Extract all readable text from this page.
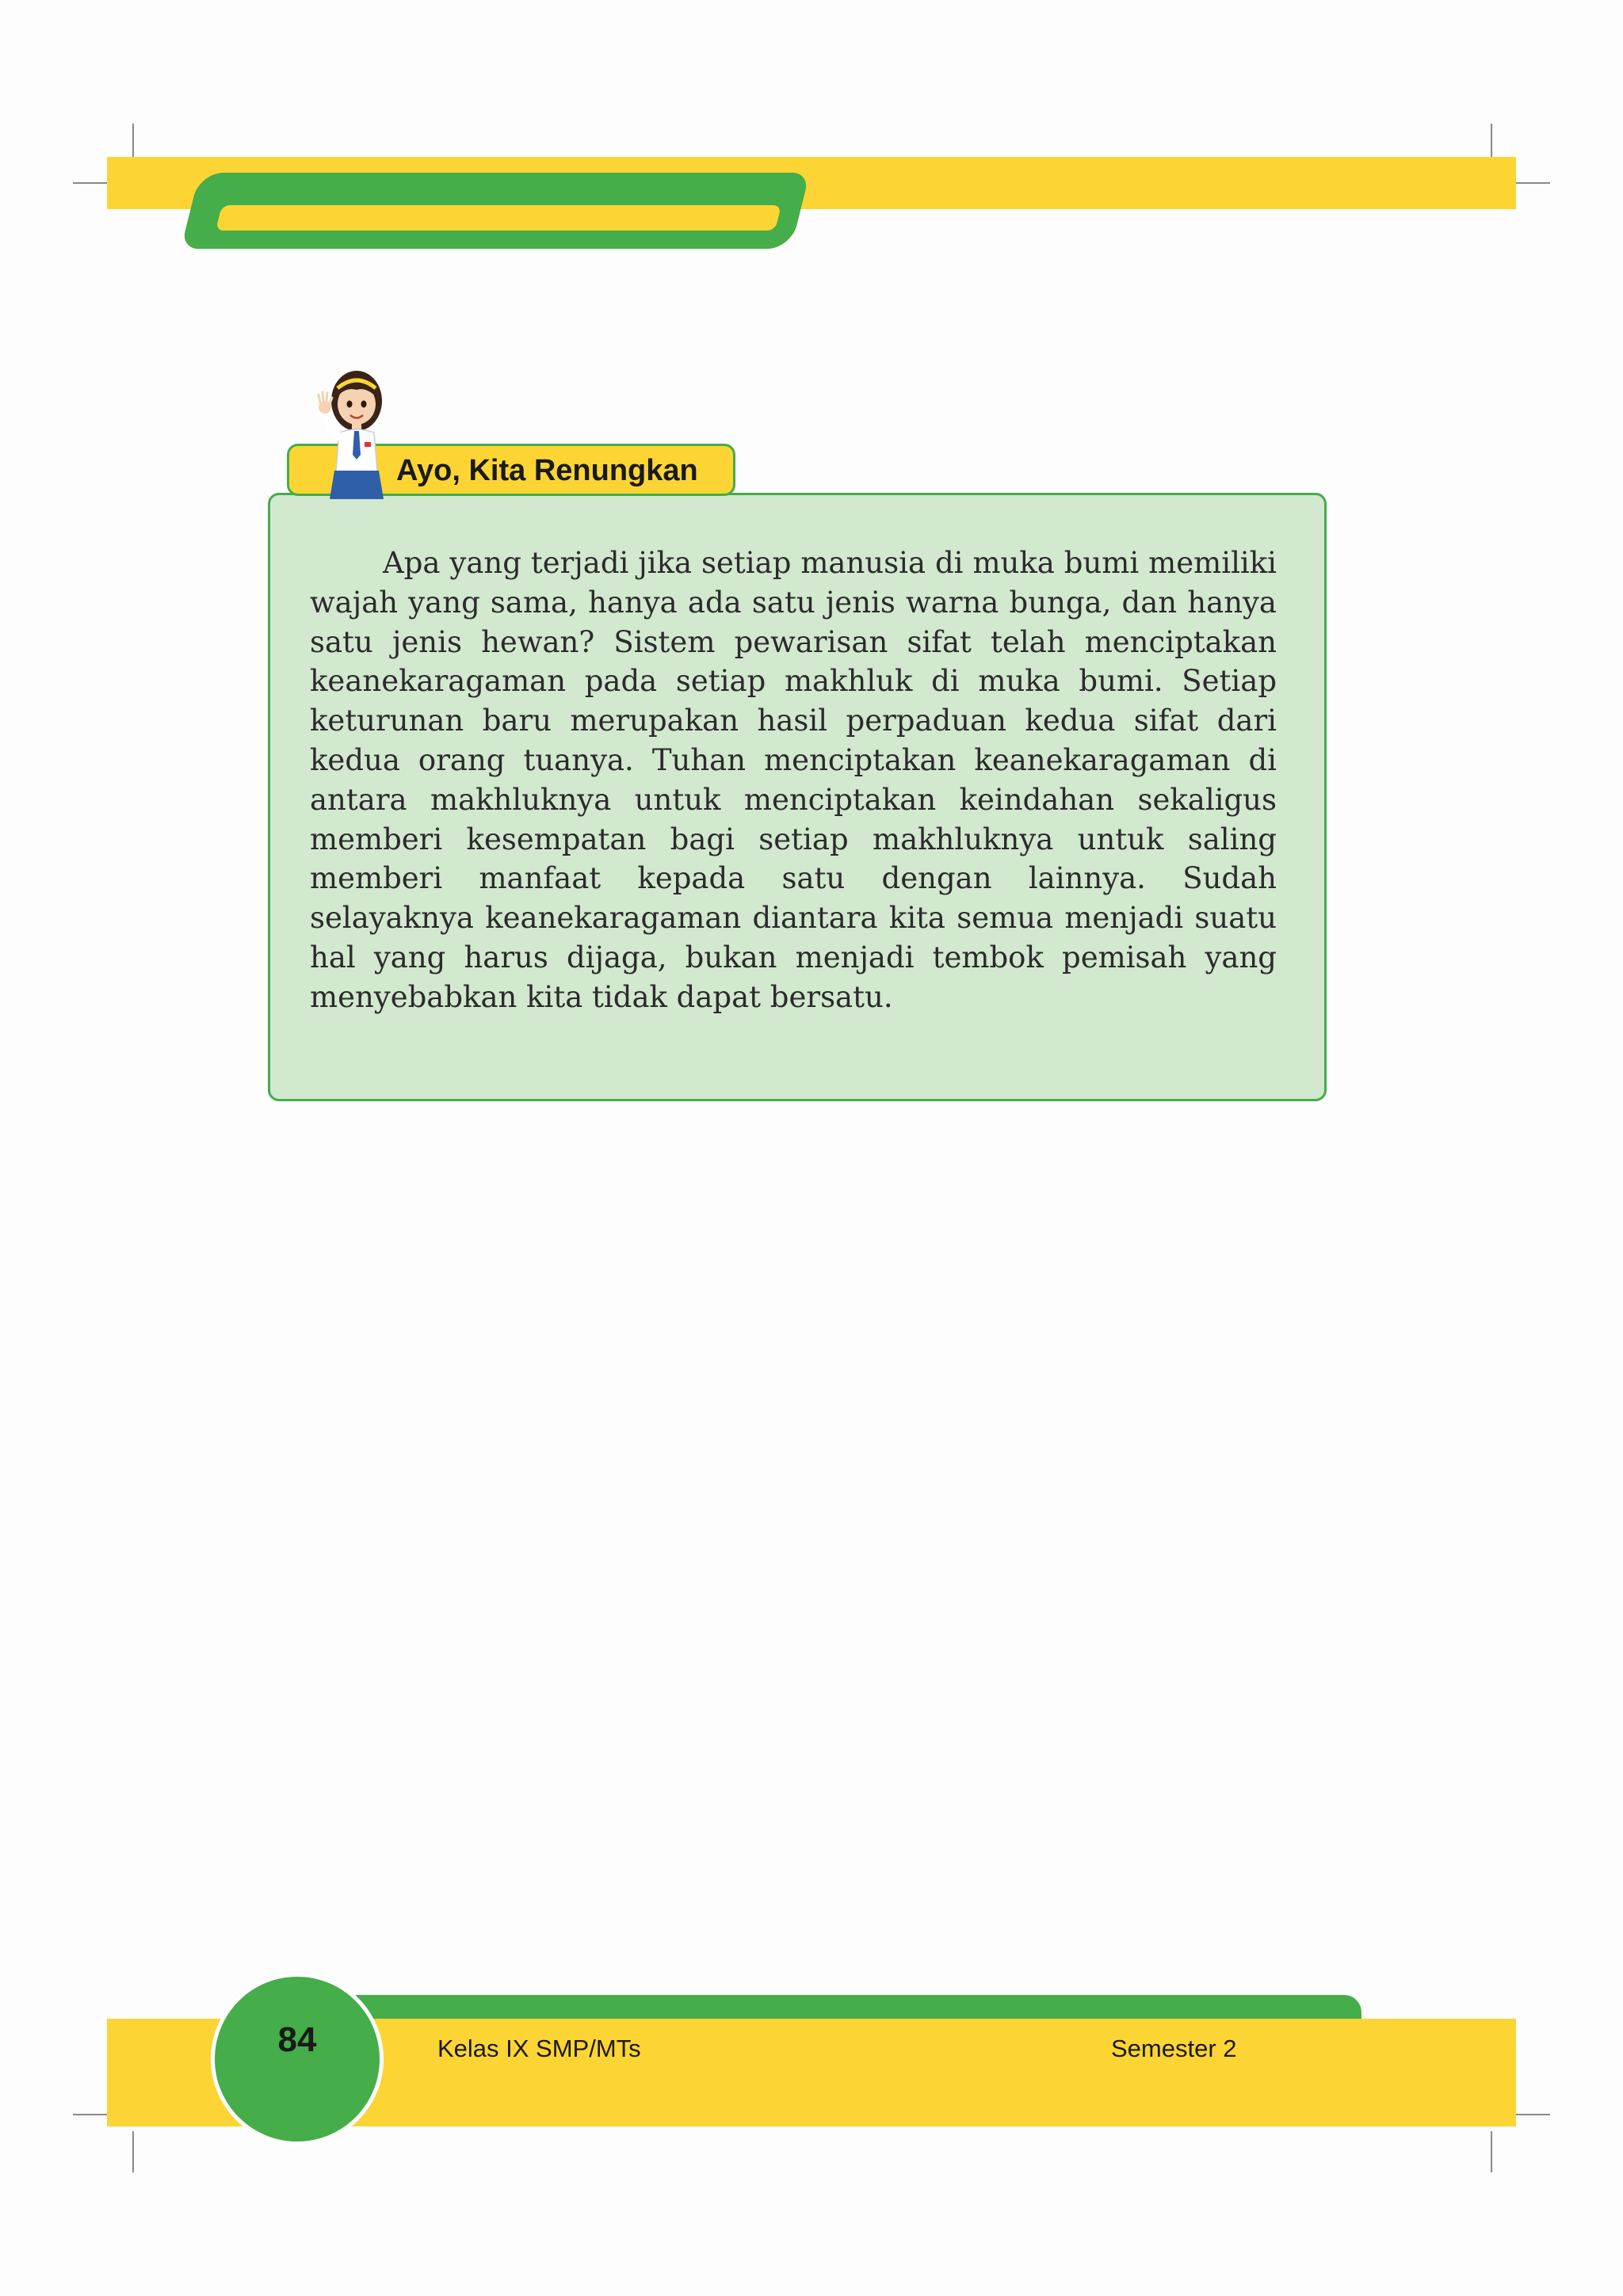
Ayo, Kita Renungkan

Apa yang terjadi jika setiap manusia di muka bumi memiliki wajah yang sama, hanya ada satu jenis warna bunga, dan hanya satu jenis hewan? Sistem pewarisan sifat telah menciptakan keanekaragaman pada setiap makhluk di muka bumi. Setiap keturunan baru merupakan hasil perpaduan kedua sifat dari kedua orang tuanya. Tuhan menciptakan keanekaragaman di antara makhluknya untuk menciptakan keindahan sekaligus memberi kesempatan bagi setiap makhluknya untuk saling memberi manfaat kepada satu dengan lainnya. Sudah selayaknya keanekaragaman diantara kita semua menjadi suatu hal yang harus dijaga, bukan menjadi tembok pemisah yang menyebabkan kita tidak dapat bersatu.

84	Kelas IX SMP/MTs	Semester 2
